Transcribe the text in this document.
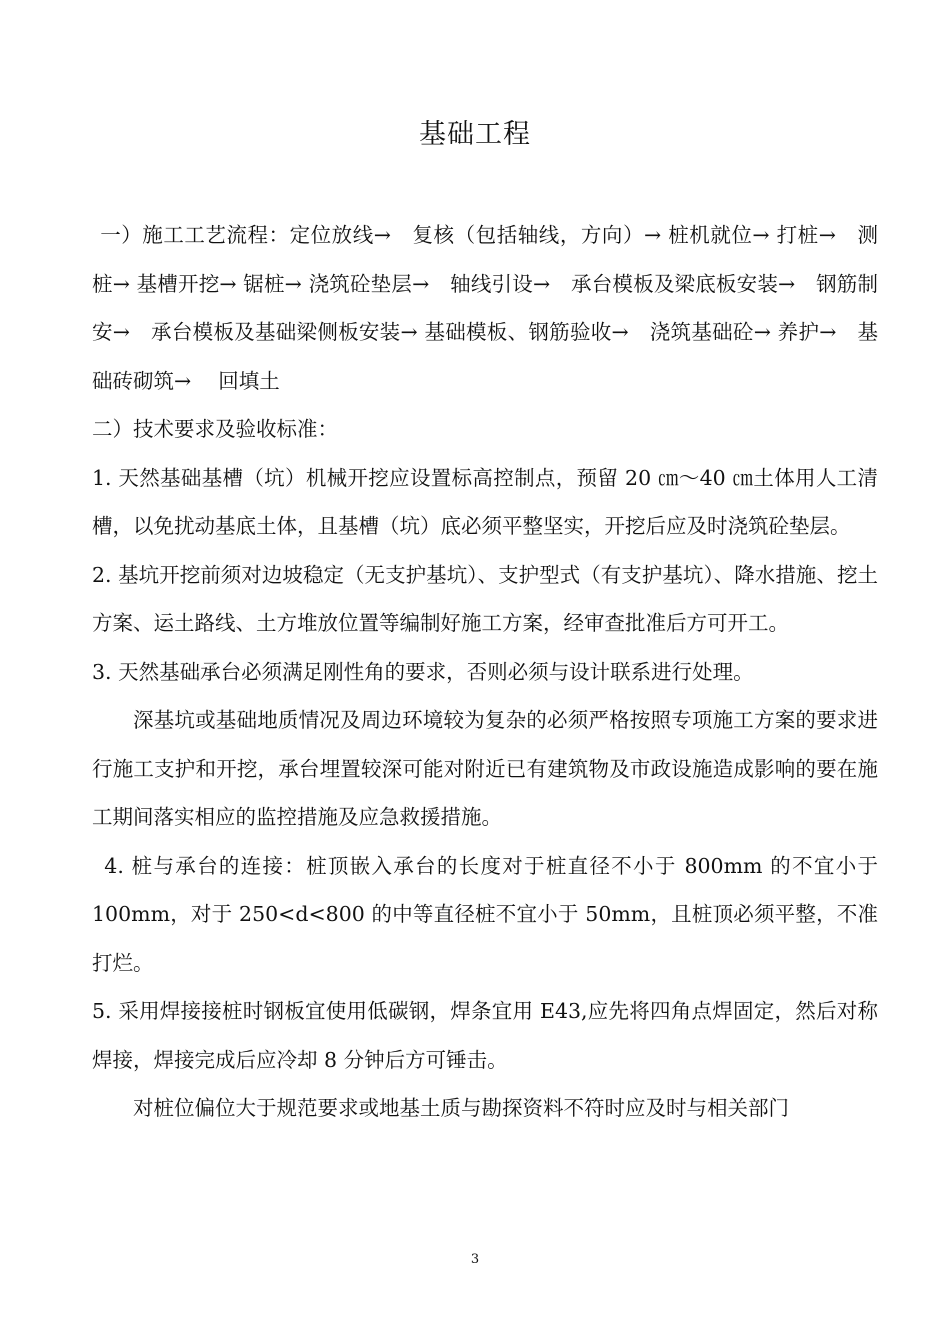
基础工程

一）施工工艺流程：定位放线→　复核（包括轴线，方向）→ 桩机就位→ 打桩→　测桩→ 基槽开挖→ 锯桩→ 浇筑砼垫层→　轴线引设→　承台模板及梁底板安装→　钢筋制安→　承台模板及基础梁侧板安装→ 基础模板、钢筋验收→　浇筑基础砼→ 养护→　基础砖砌筑→　 回填土

二）技术要求及验收标准：

1. 天然基础基槽（坑）机械开挖应设置标高控制点，预留 20 ㎝～40 ㎝土体用人工清槽，以免扰动基底土体，且基槽（坑）底必须平整坚实，开挖后应及时浇筑砼垫层。

2. 基坑开挖前须对边坡稳定（无支护基坑）、支护型式（有支护基坑）、降水措施、挖土方案、运土路线、土方堆放位置等编制好施工方案，经审查批准后方可开工。

3. 天然基础承台必须满足刚性角的要求，否则必须与设计联系进行处理。

深基坑或基础地质情况及周边环境较为复杂的必须严格按照专项施工方案的要求进行施工支护和开挖，承台埋置较深可能对附近已有建筑物及市政设施造成影响的要在施工期间落实相应的监控措施及应急救援措施。

4. 桩与承台的连接：桩顶嵌入承台的长度对于桩直径不小于 800mm 的不宜小于100mm，对于 250<d<800 的中等直径桩不宜小于 50mm，且桩顶必须平整，不准打烂。

5. 采用焊接接桩时钢板宜使用低碳钢，焊条宜用 E43,应先将四角点焊固定，然后对称焊接，焊接完成后应冷却 8 分钟后方可锤击。

对桩位偏位大于规范要求或地基土质与勘探资料不符时应及时与相关部门

3
